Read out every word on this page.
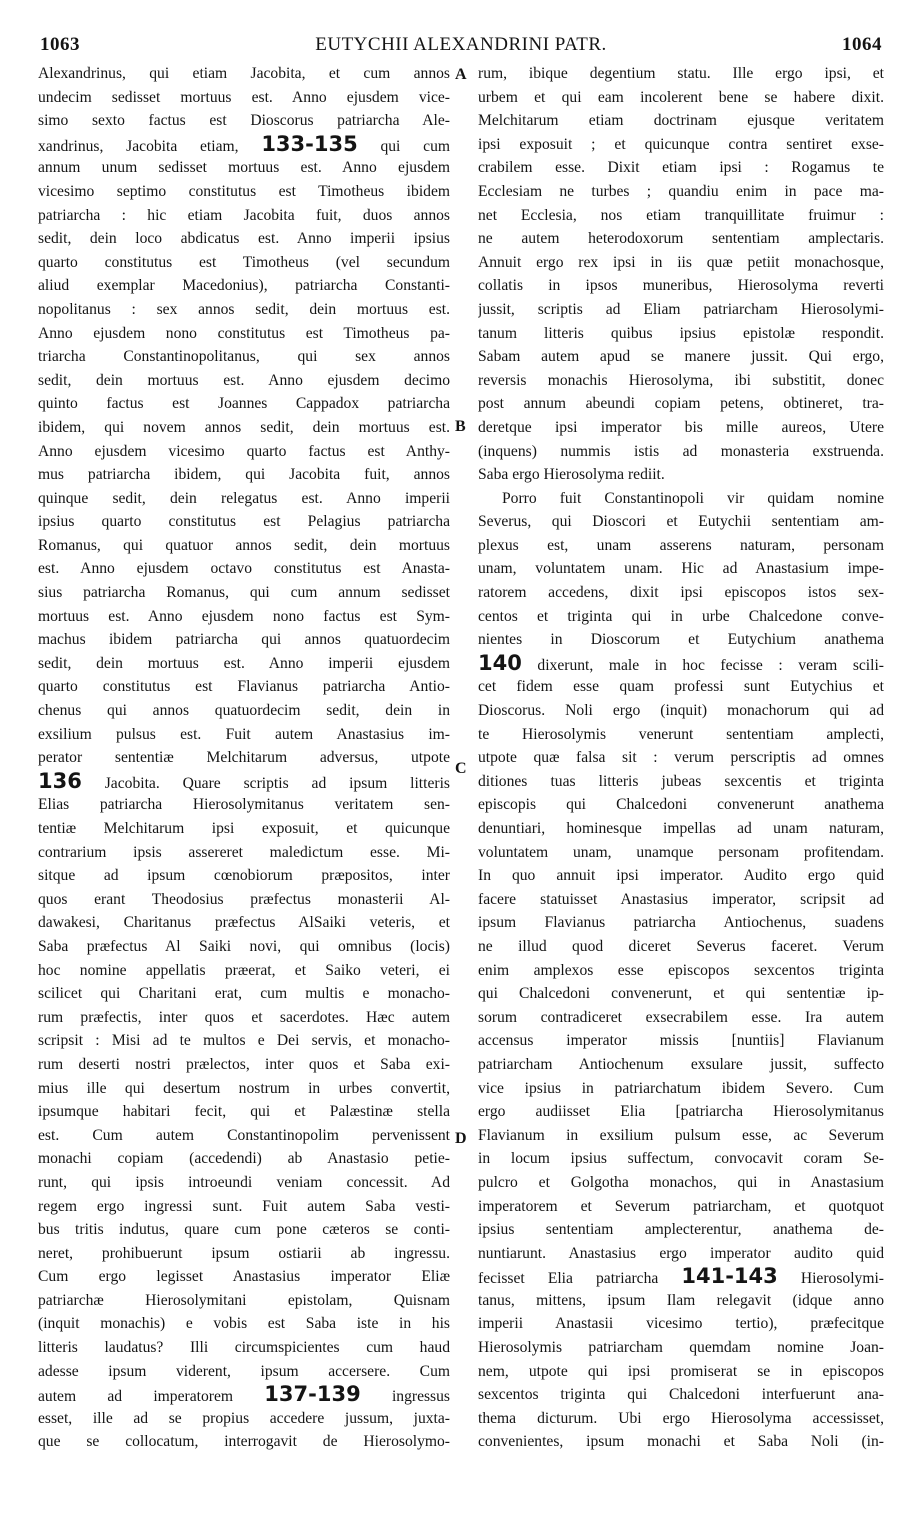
1063	EUTYCHII ALEXANDRINI PATR.	1064
A
B
C
D
Alexandrinus, qui etiam Jacobita, et cum annos
undecim sedisset mortuus est. Anno ejusdem vice-
simo sexto factus est Dioscorus patriarcha Ale-
xandrinus, Jacobita etiam, 133-135 qui cum
annum unum sedisset mortuus est. Anno ejusdem
vicesimo septimo constitutus est Timotheus ibidem
patriarcha : hic etiam Jacobita fuit, duos annos
sedit, dein loco abdicatus est. Anno imperii ipsius
quarto constitutus est Timotheus (vel secundum
aliud exemplar Macedonius), patriarcha Constanti-
nopolitanus : sex annos sedit, dein mortuus est.
Anno ejusdem nono constitutus est Timotheus pa-
triarcha Constantinopolitanus, qui sex annos
sedit, dein mortuus est. Anno ejusdem decimo
quinto factus est Joannes Cappadox patriarcha
ibidem, qui novem annos sedit, dein mortuus est.
Anno ejusdem vicesimo quarto factus est Anthy-
mus patriarcha ibidem, qui Jacobita fuit, annos
quinque sedit, dein relegatus est. Anno imperii
ipsius quarto constitutus est Pelagius patriarcha
Romanus, qui quatuor annos sedit, dein mortuus
est. Anno ejusdem octavo constitutus est Anasta-
sius patriarcha Romanus, qui cum annum sedisset
mortuus est. Anno ejusdem nono factus est Sym-
machus ibidem patriarcha qui annos quatuordecim
sedit, dein mortuus est. Anno imperii ejusdem
quarto constitutus est Flavianus patriarcha Antio-
chenus qui annos quatuordecim sedit, dein in
exsilium pulsus est. Fuit autem Anastasius im-
perator sententiæ Melchitarum adversus, utpote
136 Jacobita. Quare scriptis ad ipsum litteris
Elias patriarcha Hierosolymitanus veritatem sen-
tentiæ Melchitarum ipsi exposuit, et quicunque
contrarium ipsis assereret maledictum esse. Mi-
sitque ad ipsum cœnobiorum præpositos, inter
quos erant Theodosius præfectus monasterii Al-
dawakesi, Charitanus præfectus AlSaiki veteris, et
Saba præfectus Al Saiki novi, qui omnibus (locis)
hoc nomine appellatis præerat, et Saiko veteri, ei
scilicet qui Charitani erat, cum multis e monacho-
rum præfectis, inter quos et sacerdotes. Hæc autem
scripsit : Misi ad te multos e Dei servis, et monacho-
rum deserti nostri prælectos, inter quos et Saba exi-
mius ille qui desertum nostrum in urbes convertit,
ipsumque habitari fecit, qui et Palæstinæ stella
est. Cum autem Constantinopolim pervenissent
monachi copiam (accedendi) ab Anastasio petie-
runt, qui ipsis introeundi veniam concessit. Ad
regem ergo ingressi sunt. Fuit autem Saba vesti-
bus tritis indutus, quare cum pone cæteros se conti-
neret, prohibuerunt ipsum ostiarii ab ingressu.
Cum ergo legisset Anastasius imperator Eliæ
patriarchæ Hierosolymitani epistolam, Quisnam
(inquit monachis) e vobis est Saba iste in his
litteris laudatus? Illi circumspicientes cum haud
adesse ipsum viderent, ipsum accersere. Cum
autem ad imperatorem 137-139 ingressus
esset, ille ad se propius accedere jussum, juxta-
que se collocatum, interrogavit de Hierosolymo-
rum, ibique degentium statu. Ille ergo ipsi, et
urbem et qui eam incolerent bene se habere dixit.
Melchitarum etiam doctrinam ejusque veritatem
ipsi exposuit ; et quicunque contra sentiret exse-
crabilem esse. Dixit etiam ipsi : Rogamus te
Ecclesiam ne turbes ; quandiu enim in pace ma-
net Ecclesia, nos etiam tranquillitate fruimur :
ne autem heterodoxorum sententiam amplectaris.
Annuit ergo rex ipsi in iis quæ petiit monachosque,
collatis in ipsos muneribus, Hierosolyma reverti
jussit, scriptis ad Eliam patriarcham Hierosolymi-
tanum litteris quibus ipsius epistolæ respondit.
Sabam autem apud se manere jussit. Qui ergo,
reversis monachis Hierosolyma, ibi substitit, donec
post annum abeundi copiam petens, obtineret, tra-
deretque ipsi imperator bis mille aureos, Utere
(inquens) nummis istis ad monasteria exstruenda.
Saba ergo Hierosolyma rediit.
Porro fuit Constantinopoli vir quidam nomine
Severus, qui Dioscori et Eutychii sententiam am-
plexus est, unam asserens naturam, personam
unam, voluntatem unam. Hic ad Anastasium impe-
ratorem accedens, dixit ipsi episcopos istos sex-
centos et triginta qui in urbe Chalcedone conve-
nientes in Dioscorum et Eutychium anathema
140 dixerunt, male in hoc fecisse : veram scili-
cet fidem esse quam professi sunt Eutychius et
Dioscorus. Noli ergo (inquit) monachorum qui ad
te Hierosolymis venerunt sententiam amplecti,
utpote quæ falsa sit : verum perscriptis ad omnes
ditiones tuas litteris jubeas sexcentis et triginta
episcopis qui Chalcedoni convenerunt anathema
denuntiari, hominesque impellas ad unam naturam,
voluntatem unam, unamque personam profitendam.
In quo annuit ipsi imperator. Audito ergo quid
facere statuisset Anastasius imperator, scripsit ad
ipsum Flavianus patriarcha Antiochenus, suadens
ne illud quod diceret Severus faceret. Verum
enim amplexos esse episcopos sexcentos triginta
qui Chalcedoni convenerunt, et qui sententiæ ip-
sorum contradiceret exsecrabilem esse. Ira autem
accensus imperator missis [nuntiis] Flavianum
patriarcham Antiochenum exsulare jussit, suffecto
vice ipsius in patriarchatum ibidem Severo. Cum
ergo audiisset Elia [patriarcha Hierosolymitanus
Flavianum in exsilium pulsum esse, ac Severum
in locum ipsius suffectum, convocavit coram Se-
pulcro et Golgotha monachos, qui in Anastasium
imperatorem et Severum patriarcham, et quotquot
ipsius sententiam amplecterentur, anathema de-
nuntiarunt. Anastasius ergo imperator audito quid
fecisset Elia patriarcha 141-143 Hierosolymi-
tanus, mittens, ipsum Ilam relegavit (idque anno
imperii Anastasii vicesimo tertio), præfecitque
Hierosolymis patriarcham quemdam nomine Joan-
nem, utpote qui ipsi promiserat se in episcopos
sexcentos triginta qui Chalcedoni interfuerunt ana-
thema dicturum. Ubi ergo Hierosolyma accessisset,
convenientes, ipsum monachi et Saba Noli (in-
